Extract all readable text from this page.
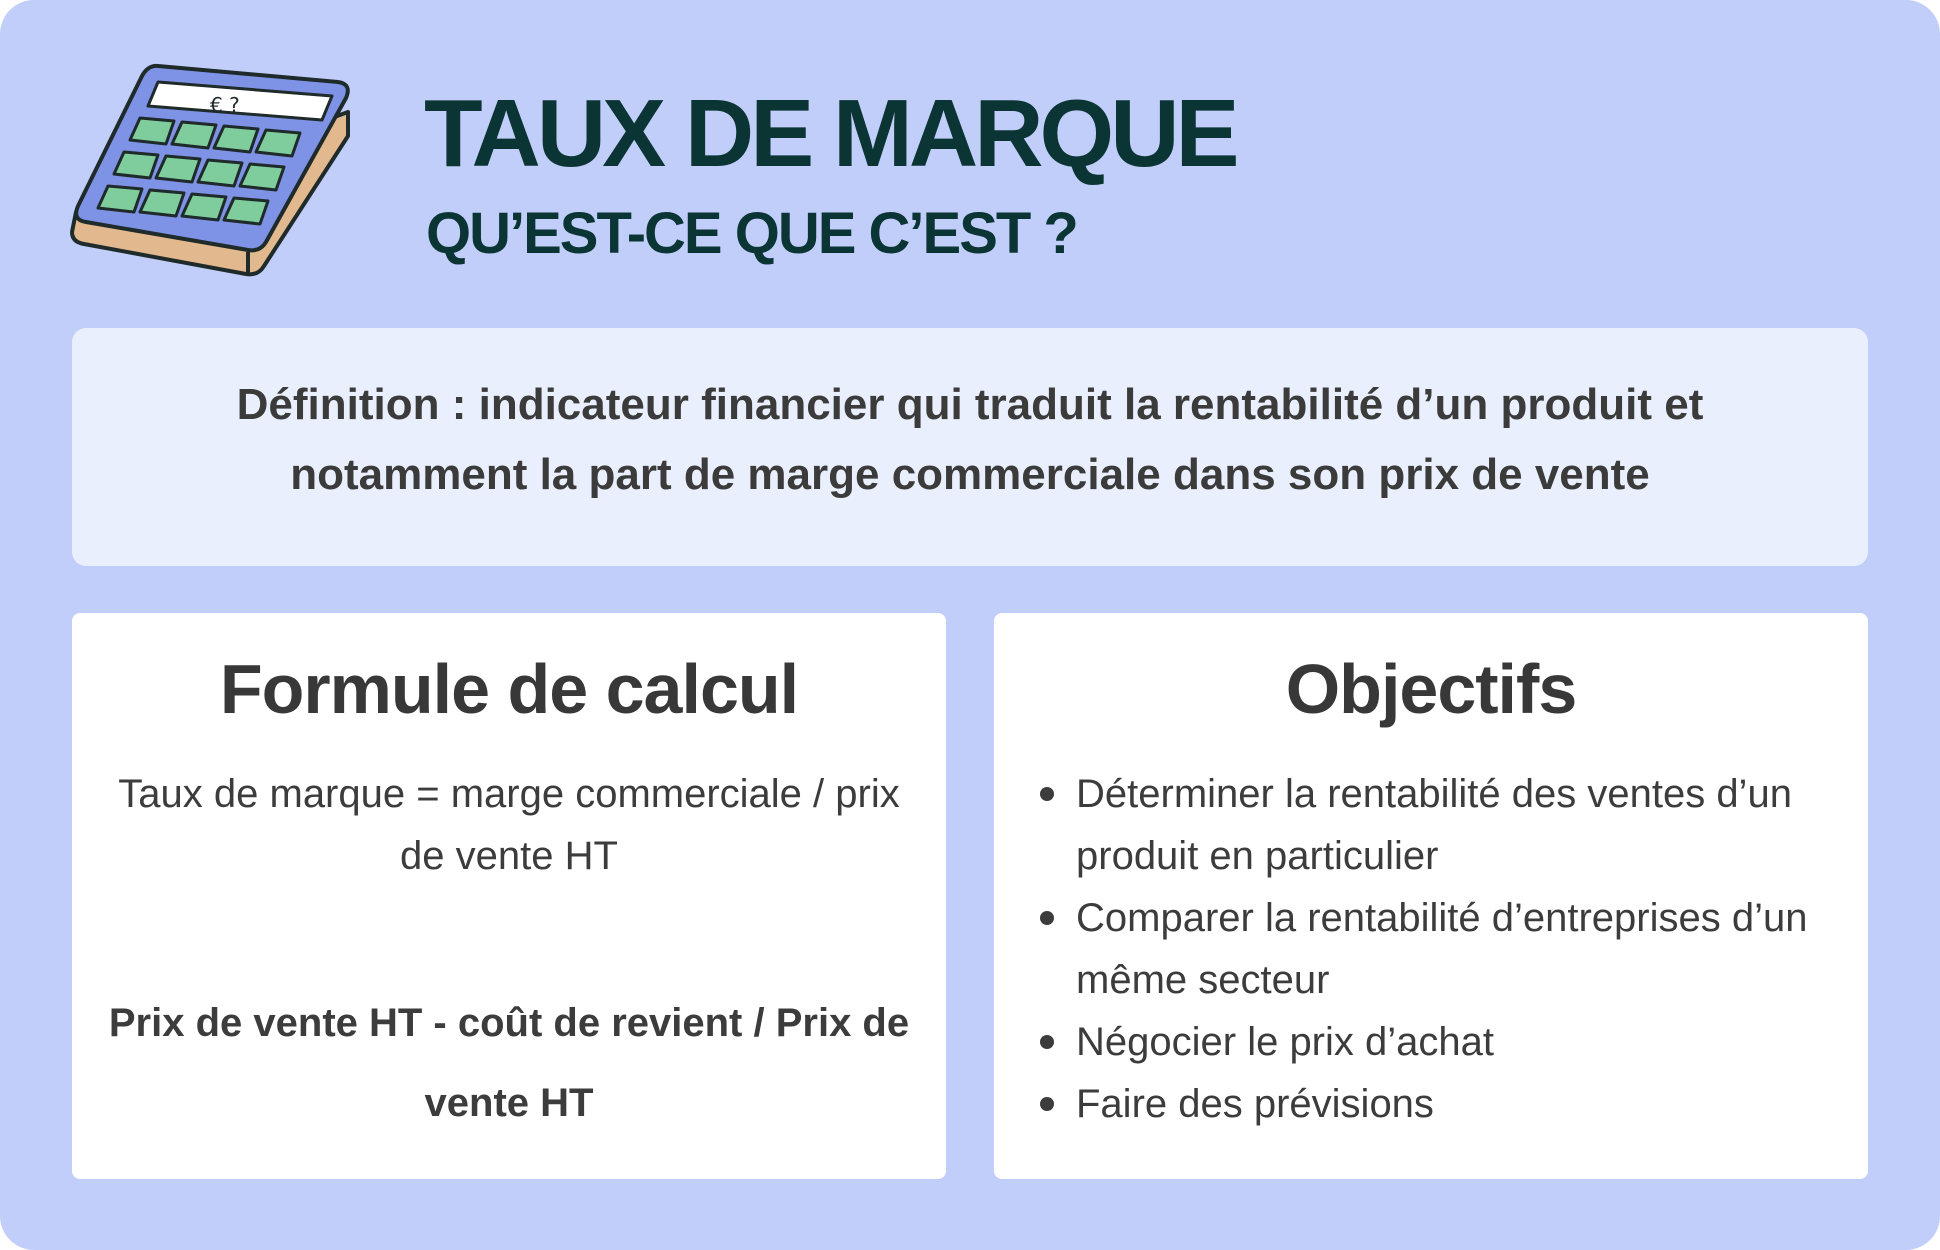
€ ? TAUX DE MARQUE
QU’EST-CE QUE C’EST ?

Définition : indicateur financier qui traduit la rentabilité d’un produit et notamment la part de marge commerciale dans son prix de vente

Formule de calcul

Taux de marque = marge commerciale / prix de vente HT

Prix de vente HT - coût de revient / Prix de vente HT

Objectifs
Déterminer la rentabilité des ventes d’un produit en particulier
Comparer la rentabilité d’entreprises d’un même secteur
Négocier le prix d’achat
Faire des prévisions
